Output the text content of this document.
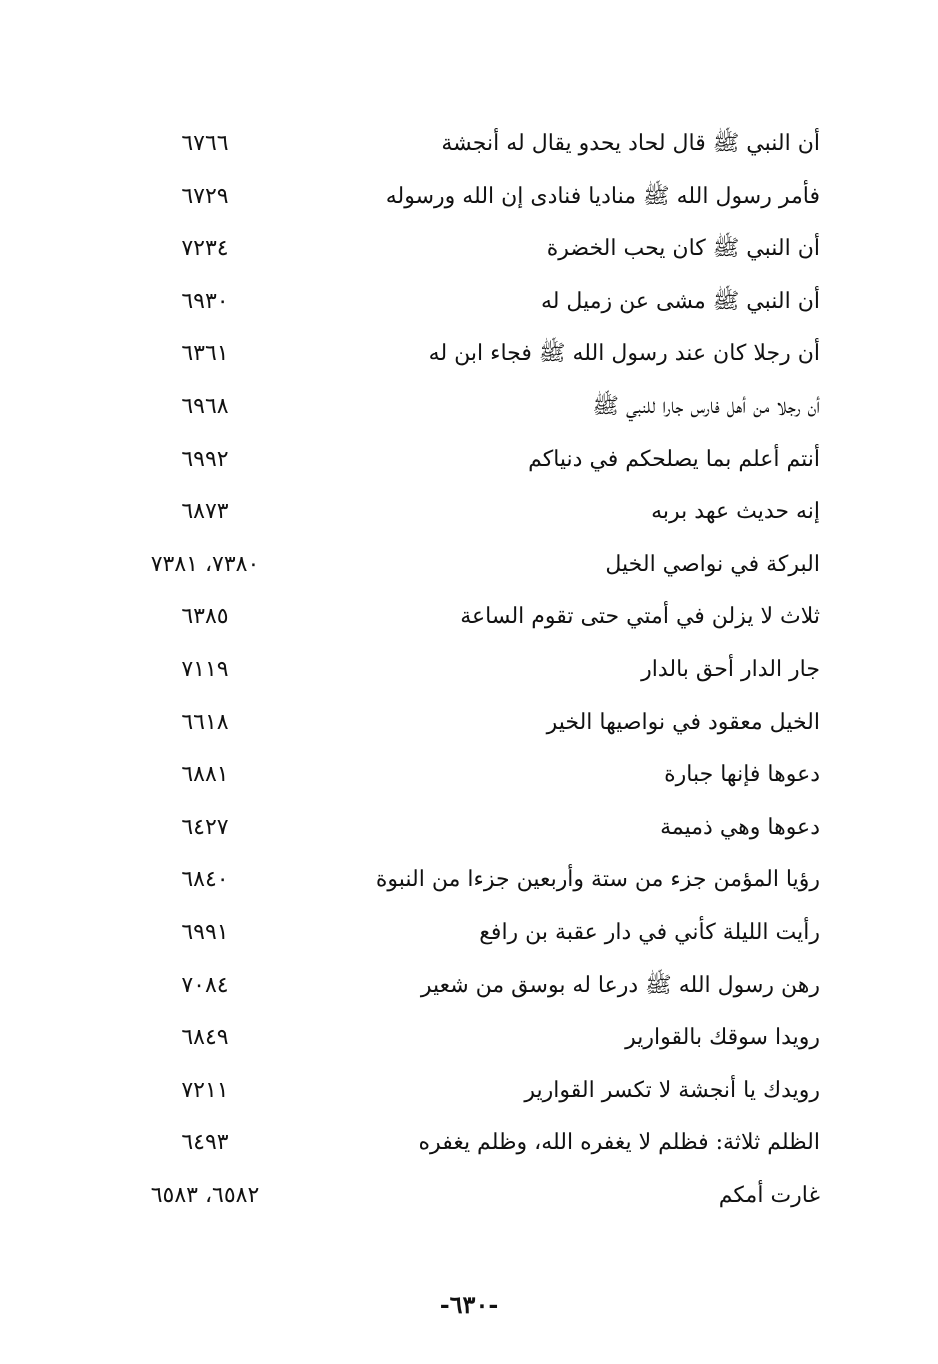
أن النبي ﷺ قال لحاد يحدو يقال له أنجشة
٦٧٦٦
فأمر رسول الله ﷺ مناديا فنادى إن الله ورسوله
٦٧٢٩
أن النبي ﷺ كان يحب الخضرة
٧٢٣٤
أن النبي ﷺ مشى عن زميل له
٦٩٣٠
أن رجلا كان عند رسول الله ﷺ فجاء ابن له
٦٣٦١
أن رجلا من أهل فارس جارا للنبي ﷺ
٦٩٦٨
أنتم أعلم بما يصلحكم في دنياكم
٦٩٩٢
إنه حديث عهد بربه
٦٨٧٣
البركة في نواصي الخيل
٧٣٨٠، ٧٣٨١
ثلاث لا يزلن في أمتي حتى تقوم الساعة
٦٣٨٥
جار الدار أحق بالدار
٧١١٩
الخيل معقود في نواصيها الخير
٦٦١٨
دعوها فإنها جبارة
٦٨٨١
دعوها وهي ذميمة
٦٤٢٧
رؤيا المؤمن جزء من ستة وأربعين جزءا من النبوة
٦٨٤٠
رأيت الليلة كأني في دار عقبة بن رافع
٦٩٩١
رهن رسول الله ﷺ درعا له بوسق من شعير
٧٠٨٤
رويدا سوقك بالقوارير
٦٨٤٩
رويدك يا أنجشة لا تكسر القوارير
٧٢١١
الظلم ثلاثة: فظلم لا يغفره الله، وظلم يغفره
٦٤٩٣
غارت أمكم
٦٥٨٢، ٦٥٨٣
-٦٣٠-
